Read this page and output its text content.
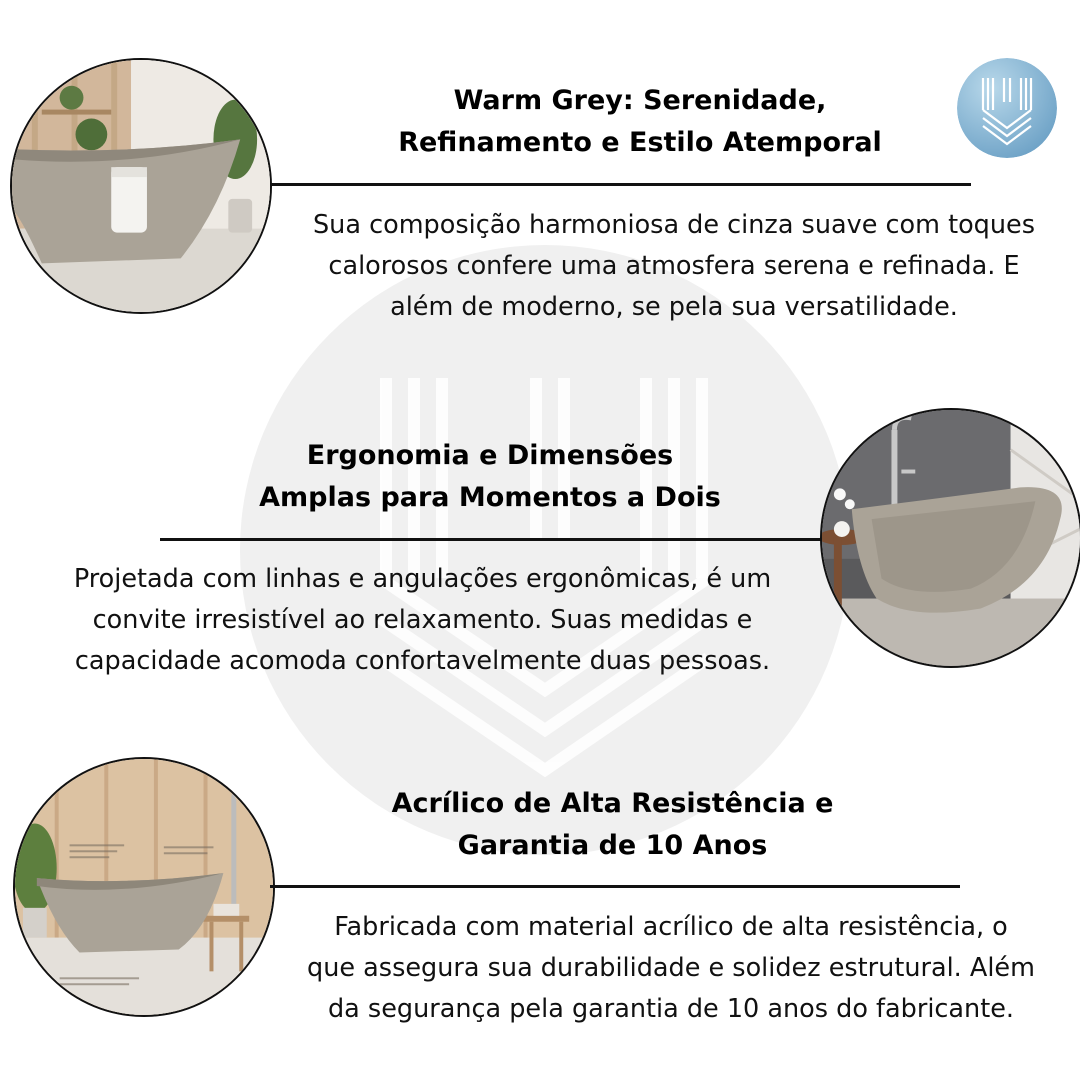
Warm Grey: Serenidade,
Refinamento e Estilo Atemporal
Sua composição harmoniosa de cinza suave com toques
calorosos confere uma atmosfera serena e refinada. E
além de moderno, se pela sua versatilidade.
Ergonomia e Dimensões
Amplas para Momentos a Dois
Projetada com linhas e angulações ergonômicas, é um
convite irresistível ao relaxamento. Suas medidas e
capacidade acomoda confortavelmente duas pessoas.
Acrílico de Alta Resistência e
Garantia de 10 Anos
Fabricada com material acrílico de alta resistência, o
que assegura sua durabilidade e solidez estrutural. Além
da segurança pela garantia de 10 anos do fabricante.
